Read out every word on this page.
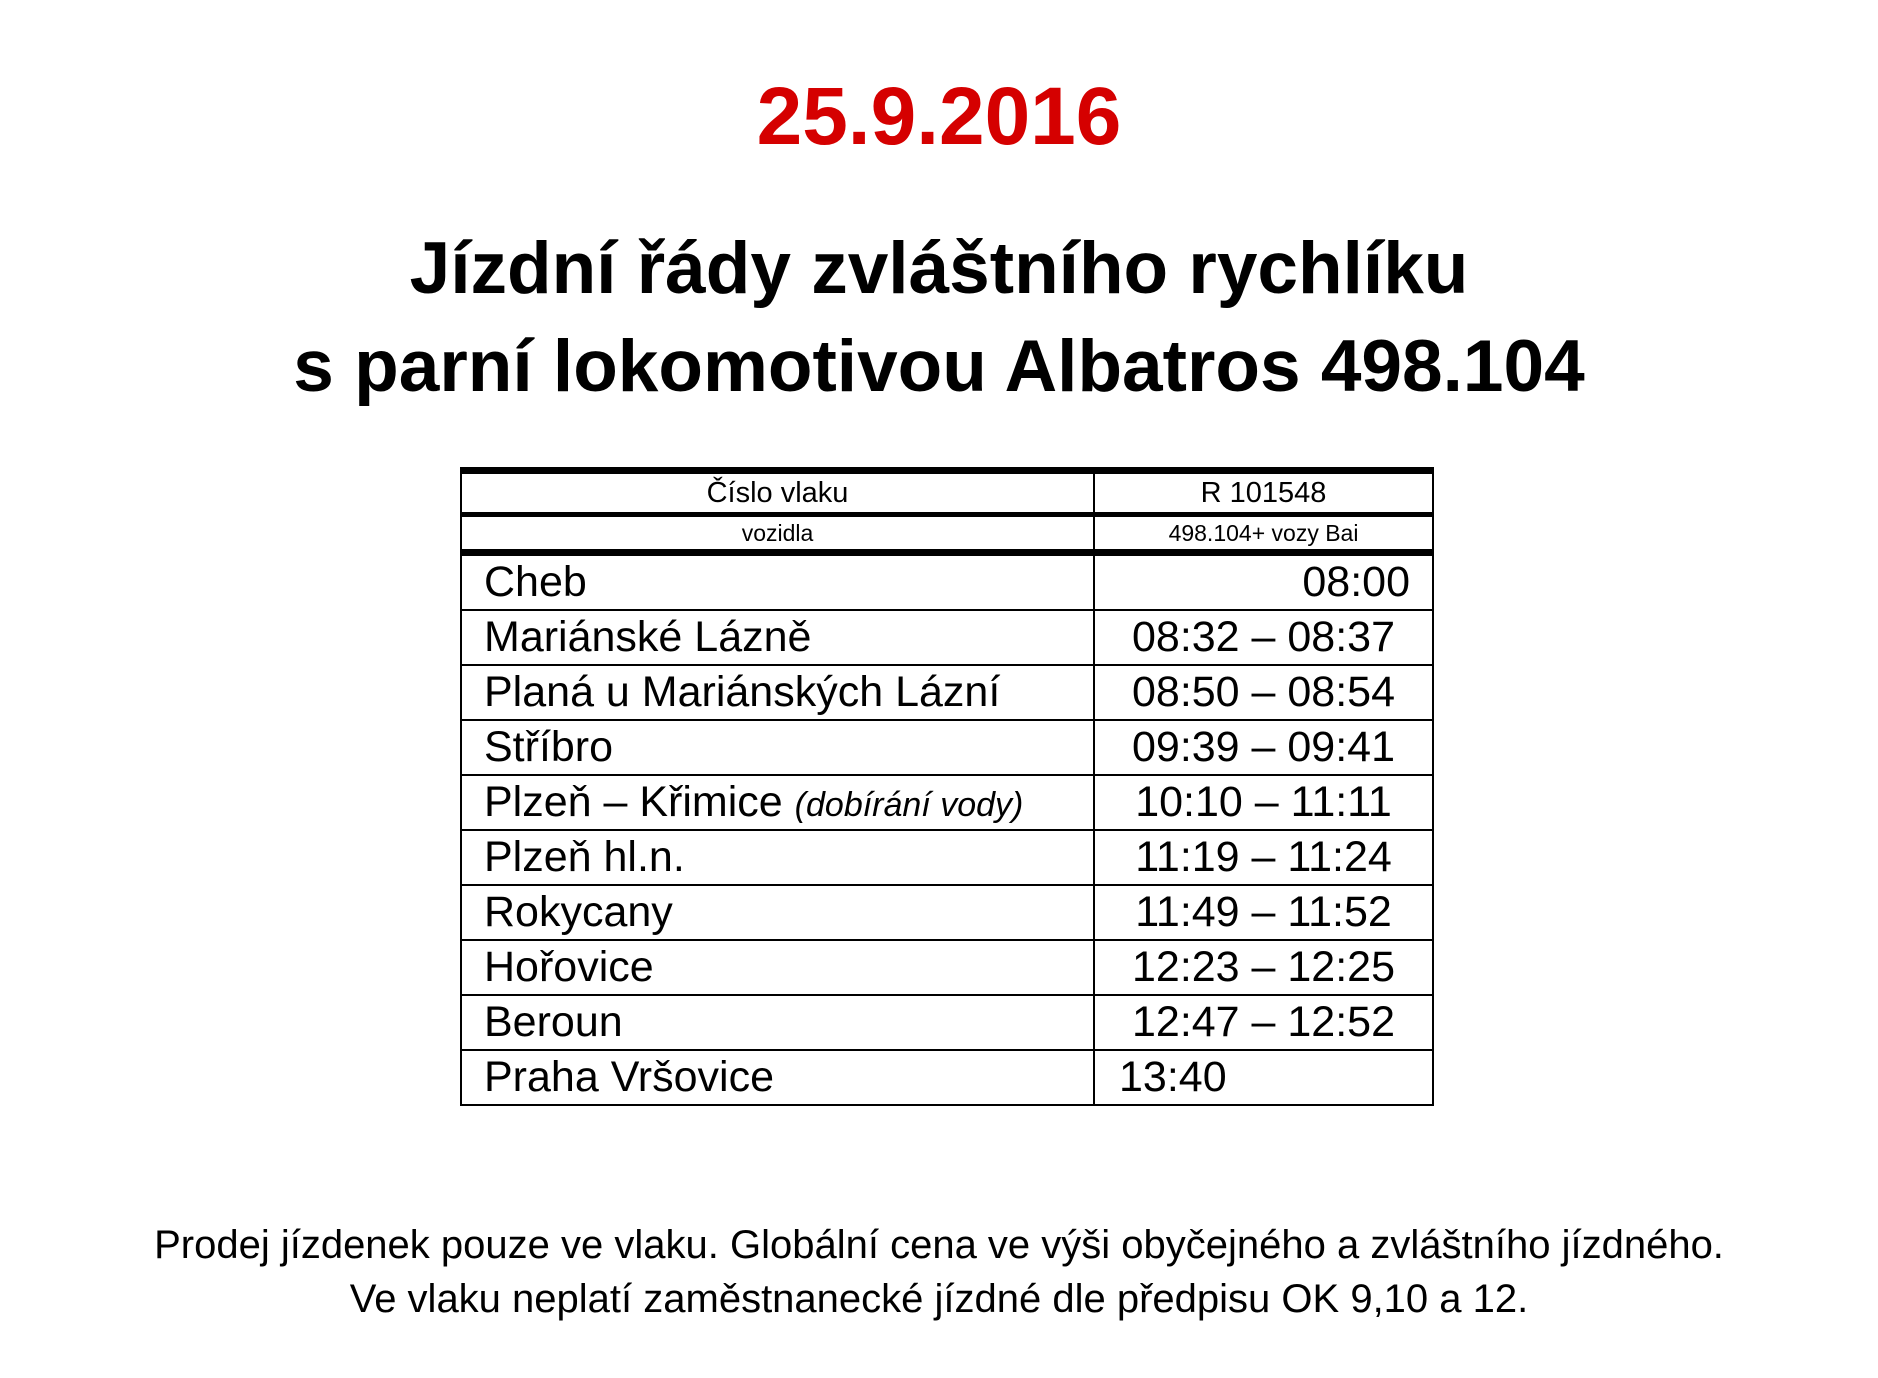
25.9.2016
Jízdní řády zvláštního rychlíku
s parní lokomotivou Albatros 498.104
Číslo vlaku	R 101548
vozidla	498.104+ vozy Bai
Cheb	08:00
Mariánské Lázně	08:32 – 08:37
Planá u Mariánských Lázní	08:50 – 08:54
Stříbro	09:39 – 09:41
Plzeň – Křimice (dobírání vody)	10:10 – 11:11
Plzeň hl.n.	11:19 – 11:24
Rokycany	11:49 – 11:52
Hořovice	12:23 – 12:25
Beroun	12:47 – 12:52
Praha Vršovice	13:40
Prodej jízdenek pouze ve vlaku. Globální cena ve výši obyčejného a zvláštního jízdného.
Ve vlaku neplatí zaměstnanecké jízdné dle předpisu OK 9,10 a 12.
